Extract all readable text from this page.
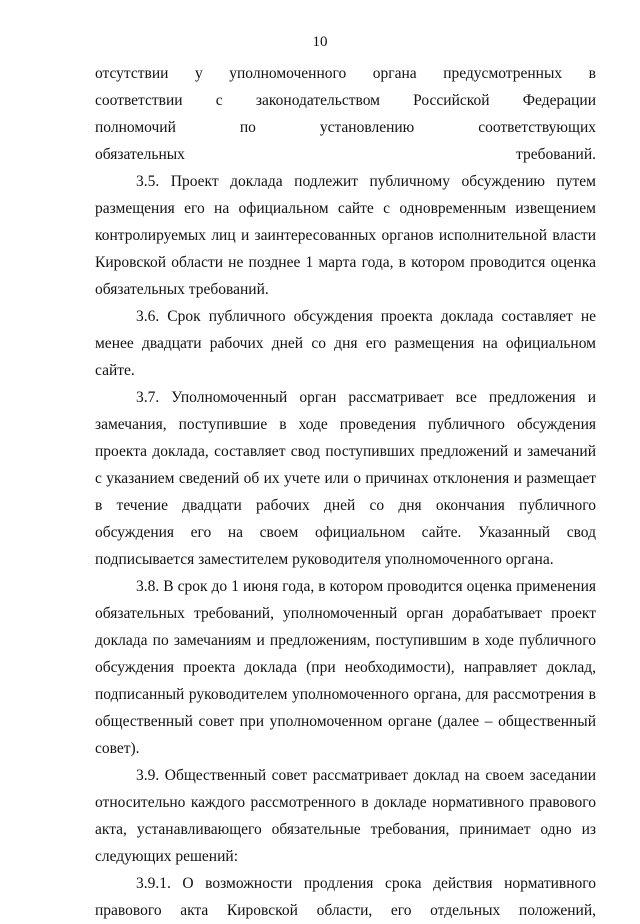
10

отсутствии у уполномоченного органа предусмотренных в соответствии с законодательством Российской Федерации полномочий по установлению соответствующих обязательных требований.

3.5. Проект доклада подлежит публичному обсуждению путем размещения его на официальном сайте с одновременным извещением контролируемых лиц и заинтересованных органов исполнительной власти Кировской области не позднее 1 марта года, в котором проводится оценка обязательных требований.

3.6. Срок публичного обсуждения проекта доклада составляет не менее двадцати рабочих дней со дня его размещения на официальном сайте.

3.7. Уполномоченный орган рассматривает все предложения и замечания, поступившие в ходе проведения публичного обсуждения проекта доклада, составляет свод поступивших предложений и замечаний с указанием сведений об их учете или о причинах отклонения и размещает в течение двадцати рабочих дней со дня окончания публичного обсуждения его на своем официальном сайте. Указанный свод подписывается заместителем руководителя уполномоченного органа.

3.8. В срок до 1 июня года, в котором проводится оценка применения обязательных требований, уполномоченный орган дорабатывает проект доклада по замечаниям и предложениям, поступившим в ходе публичного обсуждения проекта доклада (при необходимости), направляет доклад, подписанный руководителем уполномоченного органа, для рассмотрения в общественный совет при уполномоченном органе (далее – общественный совет).

3.9. Общественный совет рассматривает доклад на своем заседании относительно каждого рассмотренного в докладе нормативного правового акта, устанавливающего обязательные требования, принимает одно из следующих решений:

3.9.1. О возможности продления срока действия нормативного правового акта Кировской области, его отдельных положений,
